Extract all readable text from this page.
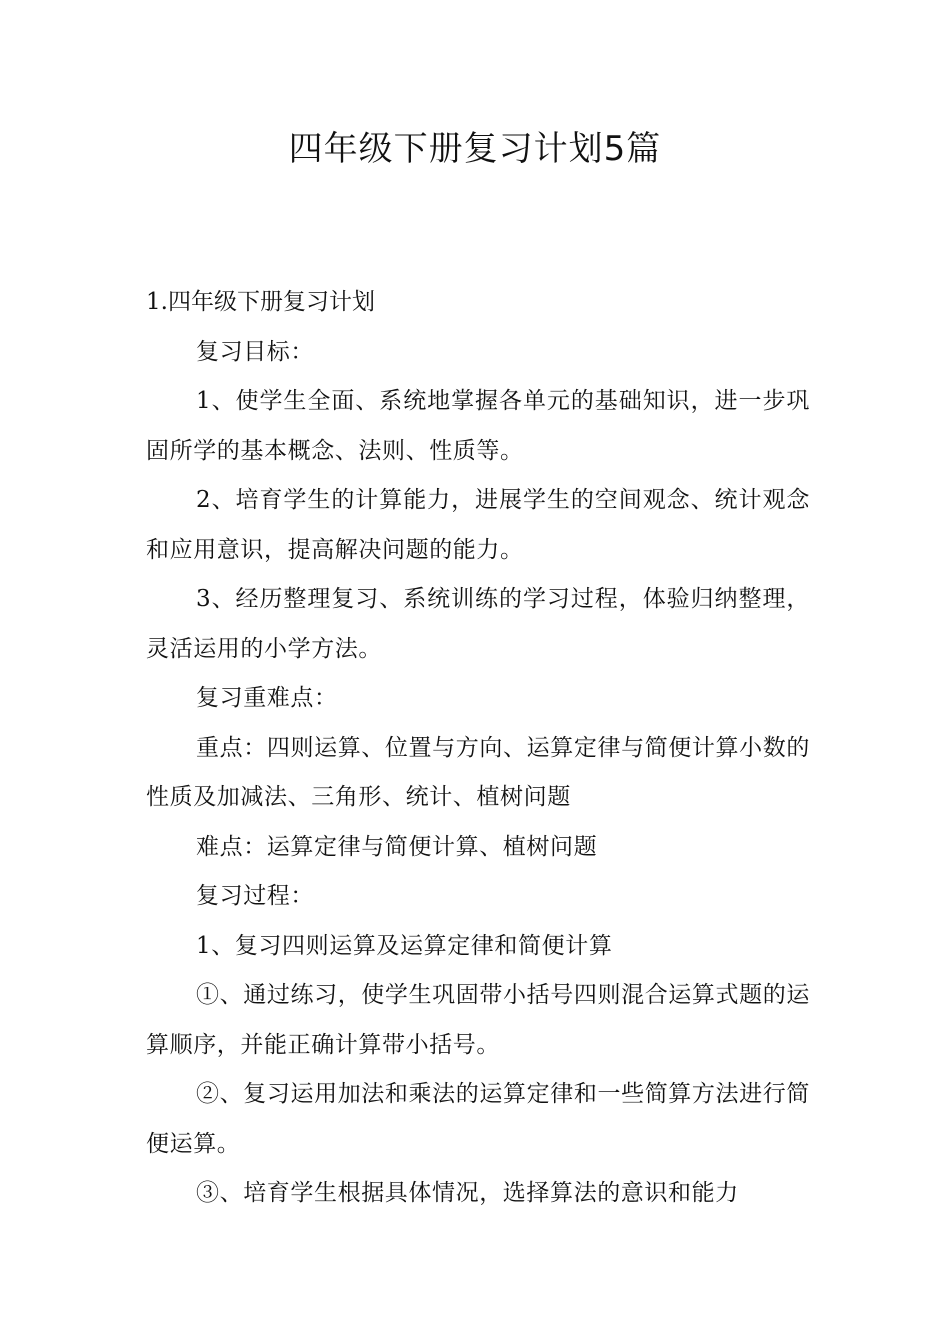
四年级下册复习计划5篇

1.四年级下册复习计划

复习目标：

1、使学生全面、系统地掌握各单元的基础知识，进一步巩固所学的基本概念、法则、性质等。

2、培育学生的计算能力，进展学生的空间观念、统计观念和应用意识，提高解决问题的能力。

3、经历整理复习、系统训练的学习过程，体验归纳整理，灵活运用的小学方法。

复习重难点：

重点：四则运算、位置与方向、运算定律与简便计算小数的性质及加减法、三角形、统计、植树问题

难点：运算定律与简便计算、植树问题

复习过程：

1、复习四则运算及运算定律和简便计算

①、通过练习，使学生巩固带小括号四则混合运算式题的运算顺序，并能正确计算带小括号。

②、复习运用加法和乘法的运算定律和一些简算方法进行简便运算。

③、培育学生根据具体情况，选择算法的意识和能力
